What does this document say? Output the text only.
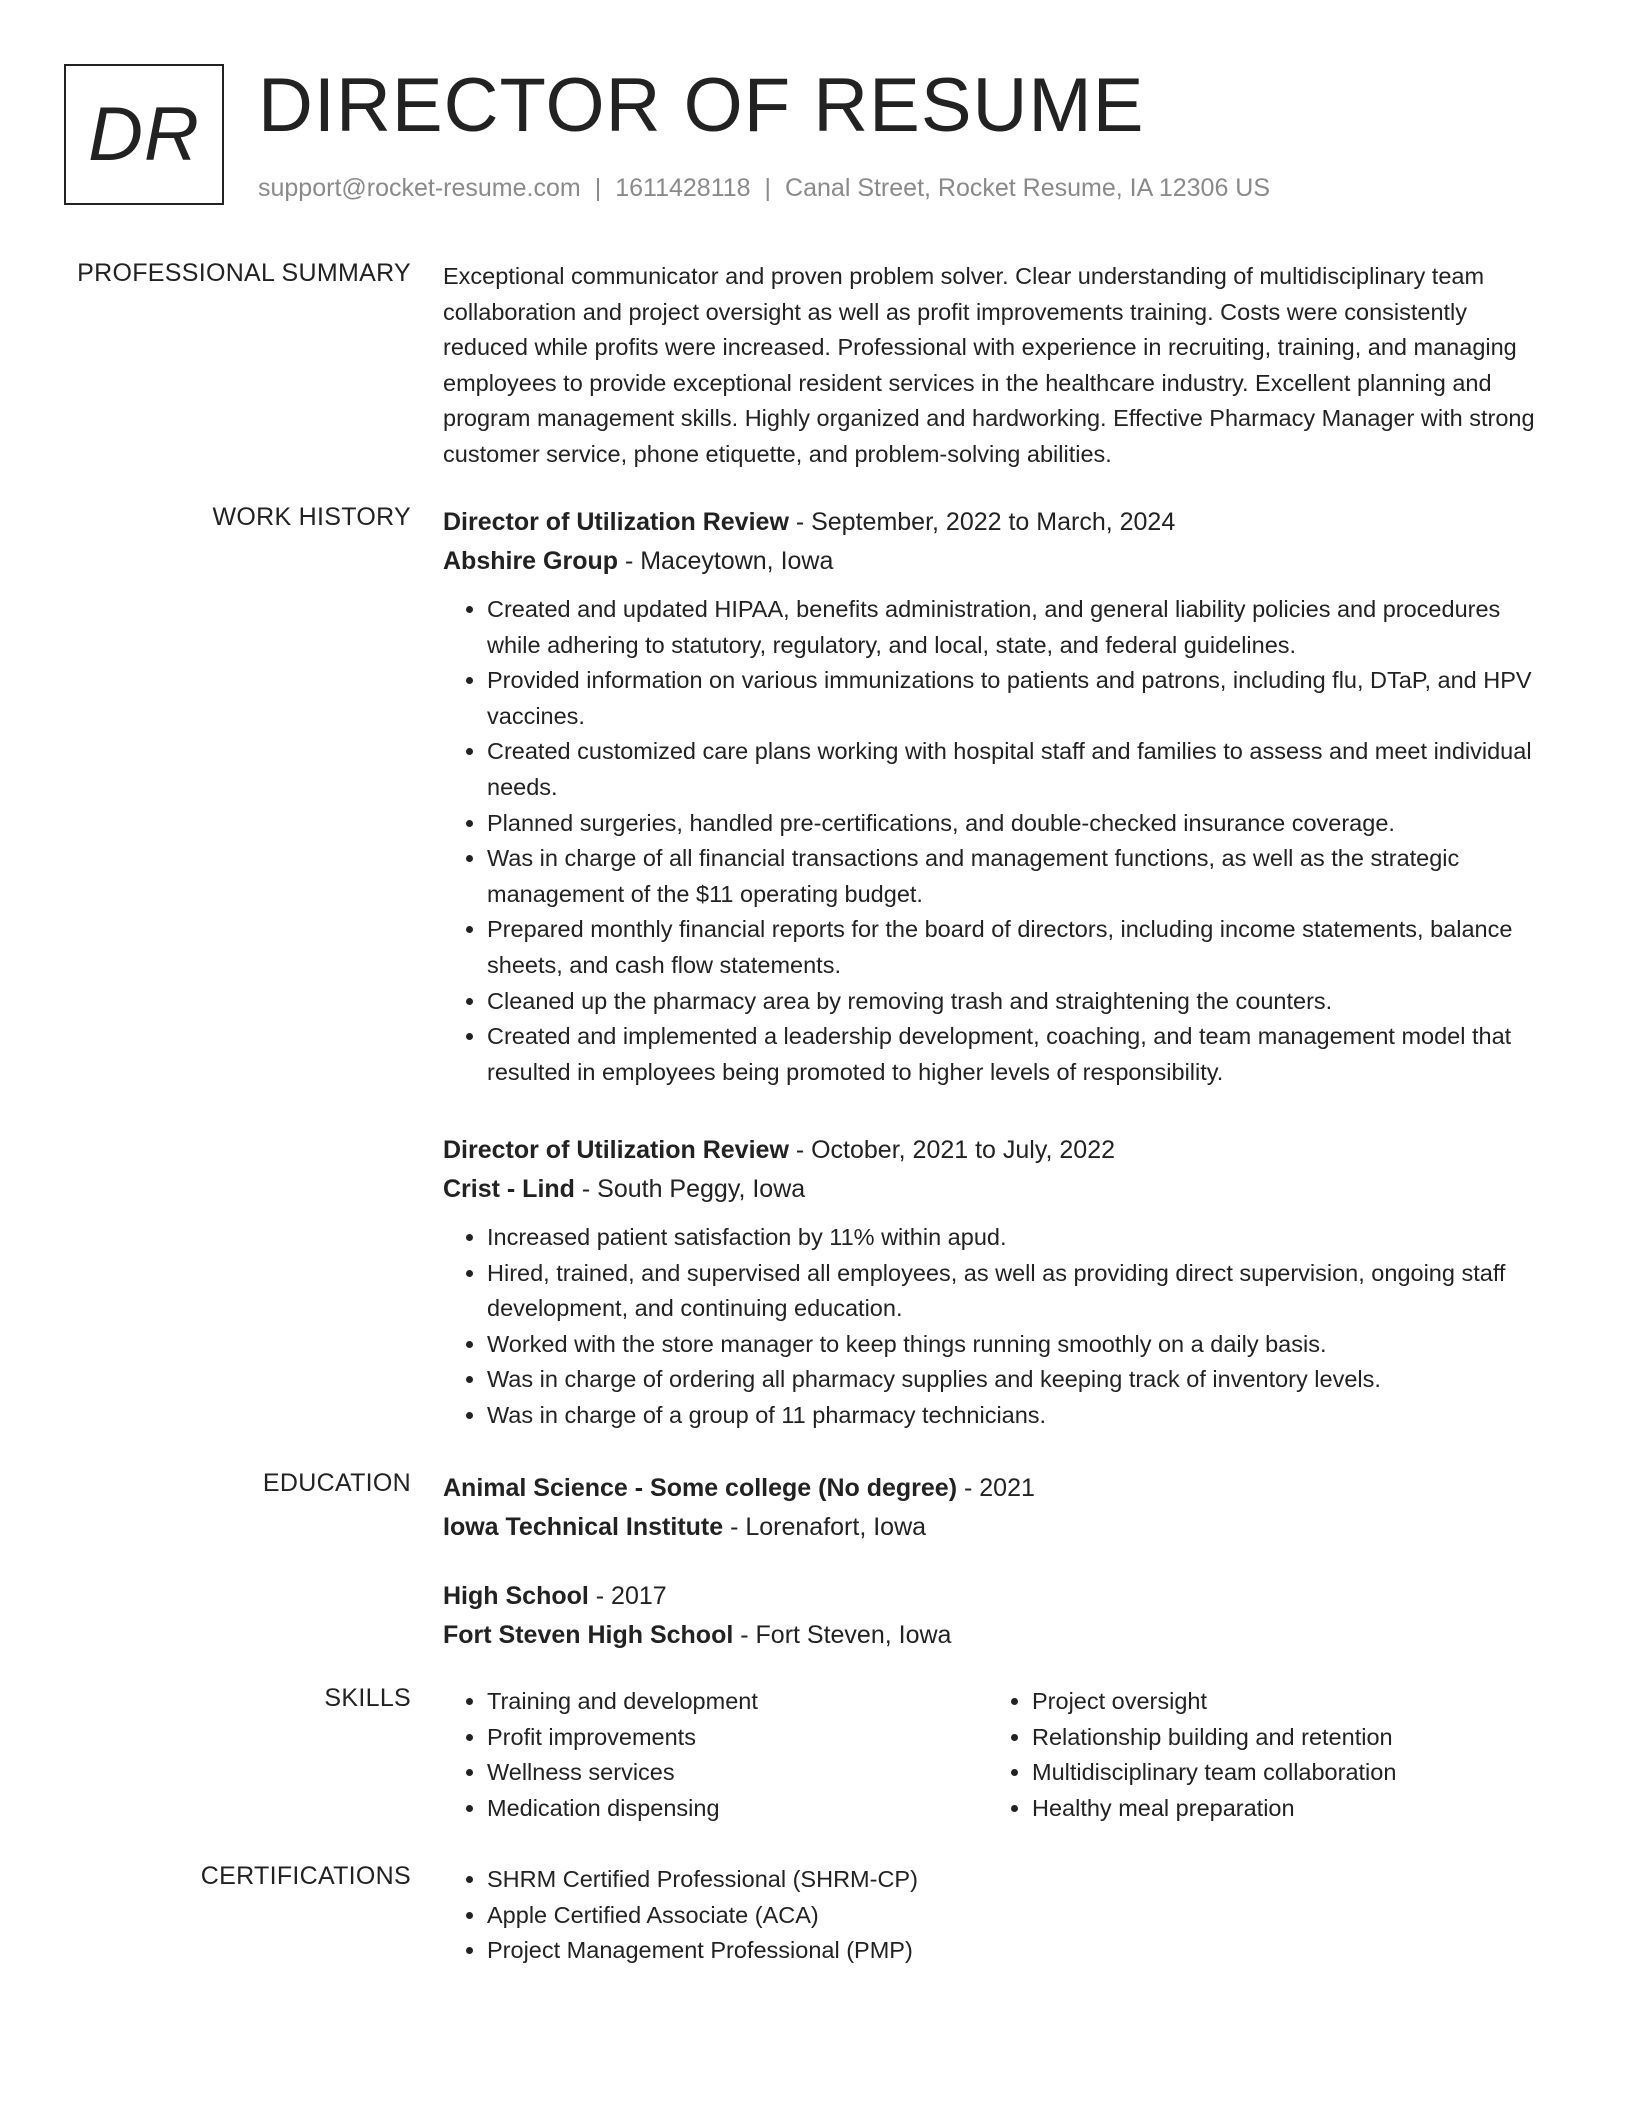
DR DIRECTOR OF RESUME
support@rocket-resume.com | 1611428118 | Canal Street, Rocket Resume, IA 12306 US
PROFESSIONAL SUMMARY Exceptional communicator and proven problem solver. Clear understanding of multidisciplinary team collaboration and project oversight as well as profit improvements training. Costs were consistently reduced while profits were increased. Professional with experience in recruiting, training, and managing employees to provide exceptional resident services in the healthcare industry. Excellent planning and program management skills. Highly organized and hardworking. Effective Pharmacy Manager with strong customer service, phone etiquette, and problem-solving abilities.

WORK HISTORY Director of Utilization Review - September, 2022 to March, 2024

Abshire Group - Maceytown, Iowa

• Created and updated HIPAA, benefits administration, and general liability policies and procedures while adhering to statutory, regulatory, and local, state, and federal guidelines.
• Provided information on various immunizations to patients and patrons, including flu, DTaP, and HPV vaccines.
• Created customized care plans working with hospital staff and families to assess and meet individual needs.
• Planned surgeries, handled pre-certifications, and double-checked insurance coverage.
• Was in charge of all financial transactions and management functions, as well as the strategic management of the $11 operating budget.
• Prepared monthly financial reports for the board of directors, including income statements, balance sheets, and cash flow statements.
• Cleaned up the pharmacy area by removing trash and straightening the counters.
• Created and implemented a leadership development, coaching, and team management model that resulted in employees being promoted to higher levels of responsibility.

Director of Utilization Review - October, 2021 to July, 2022

Crist - Lind - South Peggy, Iowa

• Increased patient satisfaction by 11% within apud.
• Hired, trained, and supervised all employees, as well as providing direct supervision, ongoing staff development, and continuing education.
• Worked with the store manager to keep things running smoothly on a daily basis.
• Was in charge of ordering all pharmacy supplies and keeping track of inventory levels.
• Was in charge of a group of 11 pharmacy technicians.
EDUCATION Animal Science - Some college (No degree) - 2021

Iowa Technical Institute - Lorenafort, Iowa

High School - 2017

Fort Steven High School - Fort Steven, Iowa

SKILLS	• Training and development
• Profit improvements
• Wellness services
• Medication dispensing
• Project oversight
• Relationship building and retention
• Multidisciplinary team collaboration
• Healthy meal preparation
CERTIFICATIONS	• SHRM Certified Professional (SHRM-CP)
• Apple Certified Associate (ACA)
• Project Management Professional (PMP)
